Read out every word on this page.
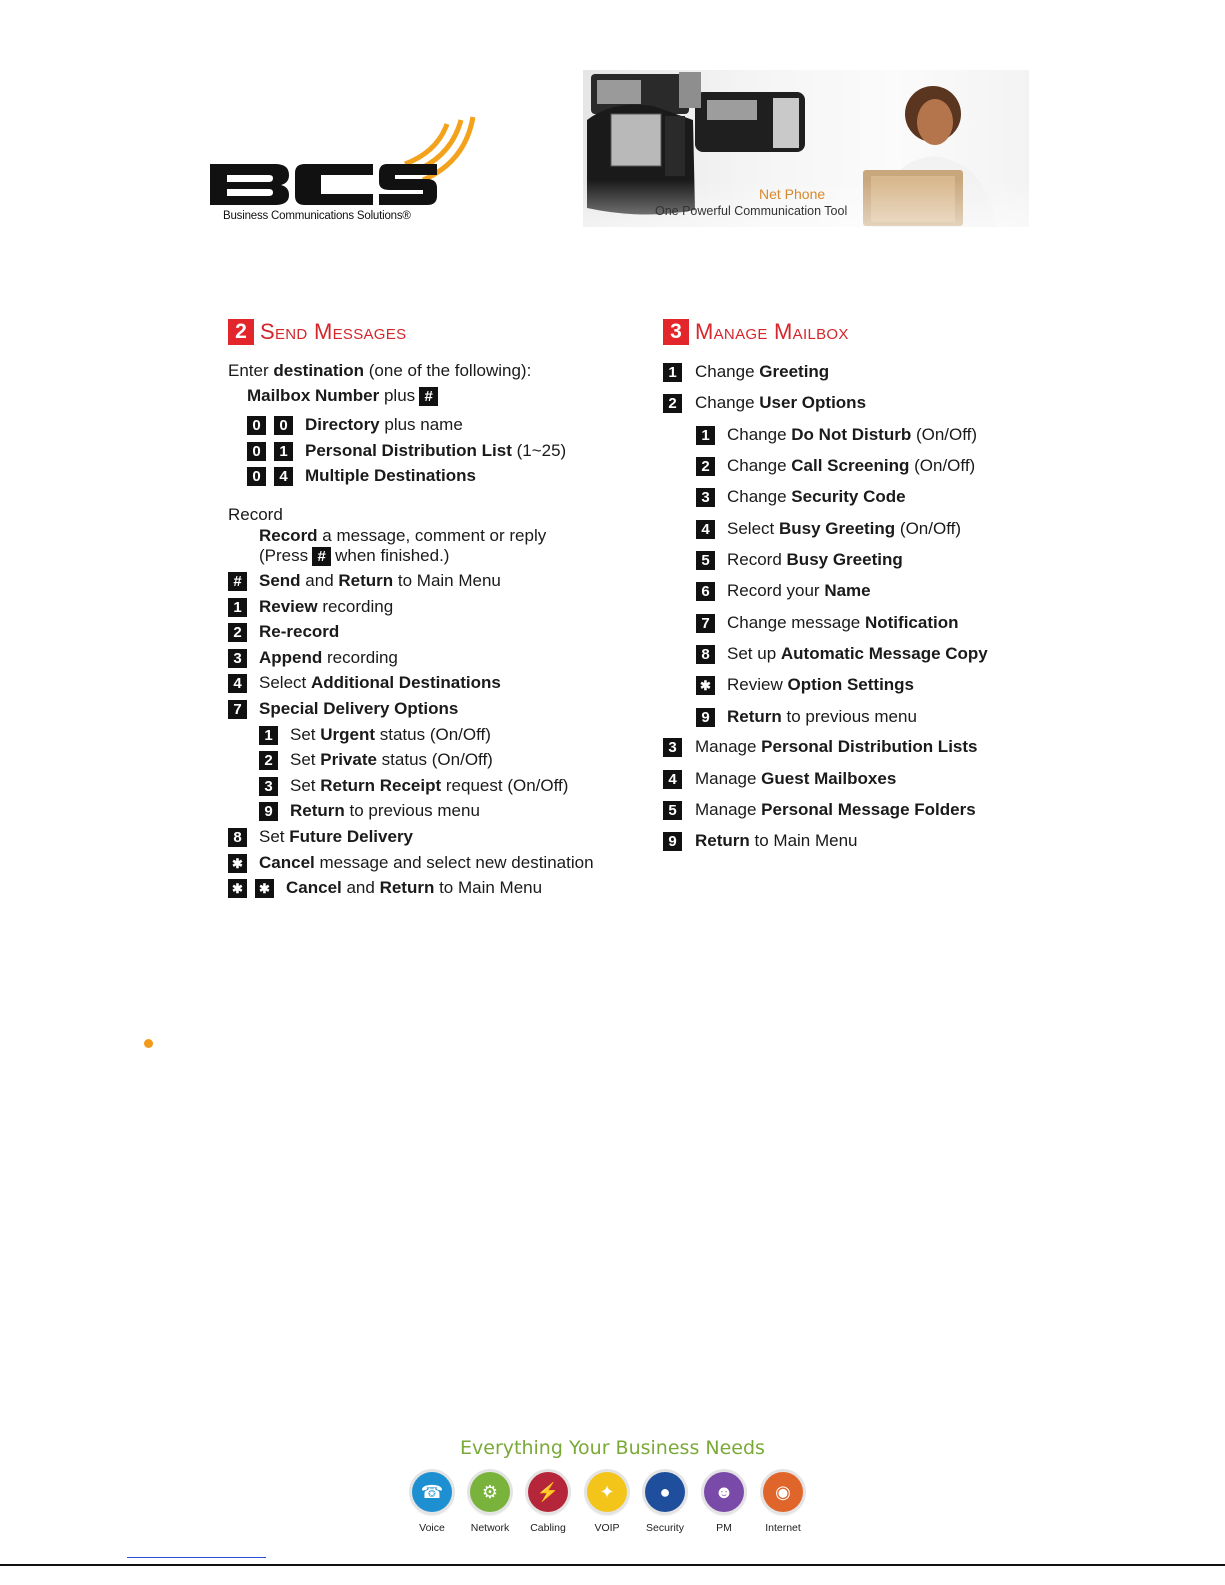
Business Communications Solutions®
Net Phone
One Powerful Communication Tool
2 Send Messages
Enter destination (one of the following):
Mailbox Number plus #
0	0	Directory plus name
0	1	Personal Distribution List (1~25)
0	4	Multiple Destinations
Record
Record a message, comment or reply
(Press # when finished.)
#	Send and Return to Main Menu
1	Review recording
2	Re-record
3	Append recording
4	Select Additional Destinations
7	Special Delivery Options
1	Set Urgent status (On/Off)
2	Set Private status (On/Off)
3	Set Return Receipt request (On/Off)
9	Return to previous menu
8	Set Future Delivery
✱ Cancel message and select new destination
✱	✱ Cancel and Return to Main Menu
3 Manage Mailbox
1	Change Greeting
2	Change User Options
1	Change Do Not Disturb (On/Off)
2	Change Call Screening (On/Off)
3	Change Security Code
4	Select Busy Greeting (On/Off)
5	Record Busy Greeting
6	Record your Name
7	Change message Notification
8	Set up Automatic Message Copy
✱ Review Option Settings
9	Return to previous menu
3	Manage Personal Distribution Lists
4	Manage Guest Mailboxes
5	Manage Personal Message Folders
9	Return to Main Menu
Everything Your Business Needs
☎
Voice
⚙
Network
⚡
Cabling
✦
VOIP
●
Security
☻
PM
◉
Internet
